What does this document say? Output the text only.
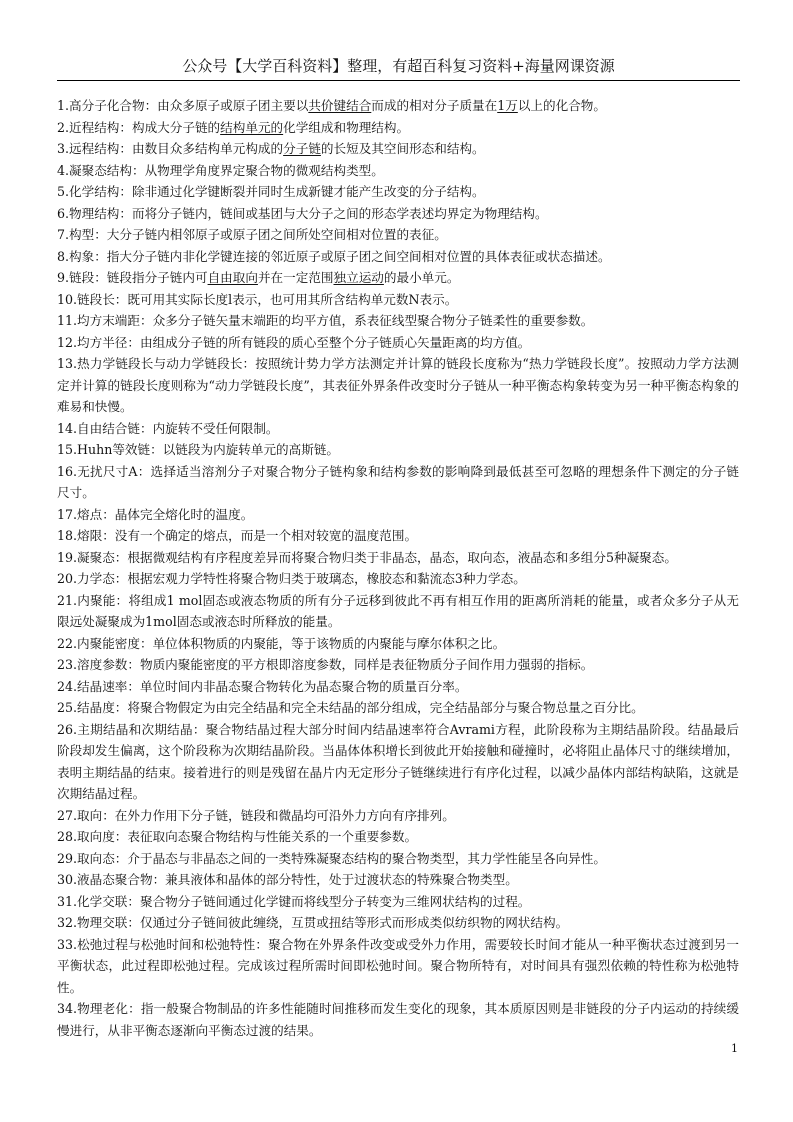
公众号【大学百科资料】整理，有超百科复习资料+海量网课资源

1.高分子化合物：由众多原子或原子团主要以共价键结合而成的相对分子质量在1万以上的化合物。

2.近程结构：构成大分子链的结构单元的化学组成和物理结构。

3.远程结构：由数目众多结构单元构成的分子链的长短及其空间形态和结构。

4.凝聚态结构：从物理学角度界定聚合物的微观结构类型。

5.化学结构：除非通过化学键断裂并同时生成新键才能产生改变的分子结构。

6.物理结构：而将分子链内，链间或基团与大分子之间的形态学表述均界定为物理结构。

7.构型：大分子链内相邻原子或原子团之间所处空间相对位置的表征。

8.构象：指大分子链内非化学键连接的邻近原子或原子团之间空间相对位置的具体表征或状态描述。

9.链段：链段指分子链内可自由取向并在一定范围独立运动的最小单元。

10.链段长：既可用其实际长度l表示，也可用其所含结构单元数N表示。

11.均方末端距：众多分子链矢量末端距的均平方值，系表征线型聚合物分子链柔性的重要参数。

12.均方半径：由组成分子链的所有链段的质心至整个分子链质心矢量距离的均方值。

13.热力学链段长与动力学链段长：按照统计势力学方法测定并计算的链段长度称为“热力学链段长度”。按照动力学方法测定并计算的链段长度则称为“动力学链段长度”，其表征外界条件改变时分子链从一种平衡态构象转变为另一种平衡态构象的难易和快慢。

14.自由结合链：内旋转不受任何限制。

15.Huhn等效链：以链段为内旋转单元的高斯链。

16.无扰尺寸A：选择适当溶剂分子对聚合物分子链构象和结构参数的影响降到最低甚至可忽略的理想条件下测定的分子链尺寸。

17.熔点：晶体完全熔化时的温度。

18.熔限：没有一个确定的熔点，而是一个相对较宽的温度范围。

19.凝聚态：根据微观结构有序程度差异而将聚合物归类于非晶态，晶态，取向态，液晶态和多组分5种凝聚态。

20.力学态：根据宏观力学特性将聚合物归类于玻璃态，橡胶态和黏流态3种力学态。

21.内聚能：将组成1 mol固态或液态物质的所有分子远移到彼此不再有相互作用的距离所消耗的能量，或者众多分子从无限远处凝聚成为1mol固态或液态时所释放的能量。

22.内聚能密度：单位体积物质的内聚能，等于该物质的内聚能与摩尔体积之比。

23.溶度参数：物质内聚能密度的平方根即溶度参数，同样是表征物质分子间作用力强弱的指标。

24.结晶速率：单位时间内非晶态聚合物转化为晶态聚合物的质量百分率。

25.结晶度：将聚合物假定为由完全结晶和完全未结晶的部分组成，完全结晶部分与聚合物总量之百分比。

26.主期结晶和次期结晶：聚合物结晶过程大部分时间内结晶速率符合Avrami方程，此阶段称为主期结晶阶段。结晶最后阶段却发生偏离，这个阶段称为次期结晶阶段。当晶体体积增长到彼此开始接触和碰撞时，必将阻止晶体尺寸的继续增加，表明主期结晶的结束。接着进行的则是残留在晶片内无定形分子链继续进行有序化过程，以减少晶体内部结构缺陷，这就是次期结晶过程。

27.取向：在外力作用下分子链，链段和微晶均可沿外力方向有序排列。

28.取向度：表征取向态聚合物结构与性能关系的一个重要参数。

29.取向态：介于晶态与非晶态之间的一类特殊凝聚态结构的聚合物类型，其力学性能呈各向异性。

30.液晶态聚合物：兼具液体和晶体的部分特性，处于过渡状态的特殊聚合物类型。

31.化学交联：聚合物分子链间通过化学键而将线型分子转变为三维网状结构的过程。

32.物理交联：仅通过分子链间彼此缠绕，互贯或扭结等形式而形成类似纺织物的网状结构。

33.松弛过程与松弛时间和松弛特性：聚合物在外界条件改变或受外力作用，需要较长时间才能从一种平衡状态过渡到另一平衡状态，此过程即松弛过程。完成该过程所需时间即松弛时间。聚合物所特有，对时间具有强烈依赖的特性称为松弛特性。

34.物理老化：指一般聚合物制品的许多性能随时间推移而发生变化的现象，其本质原因则是非链段的分子内运动的持续缓慢进行，从非平衡态逐渐向平衡态过渡的结果。

1
